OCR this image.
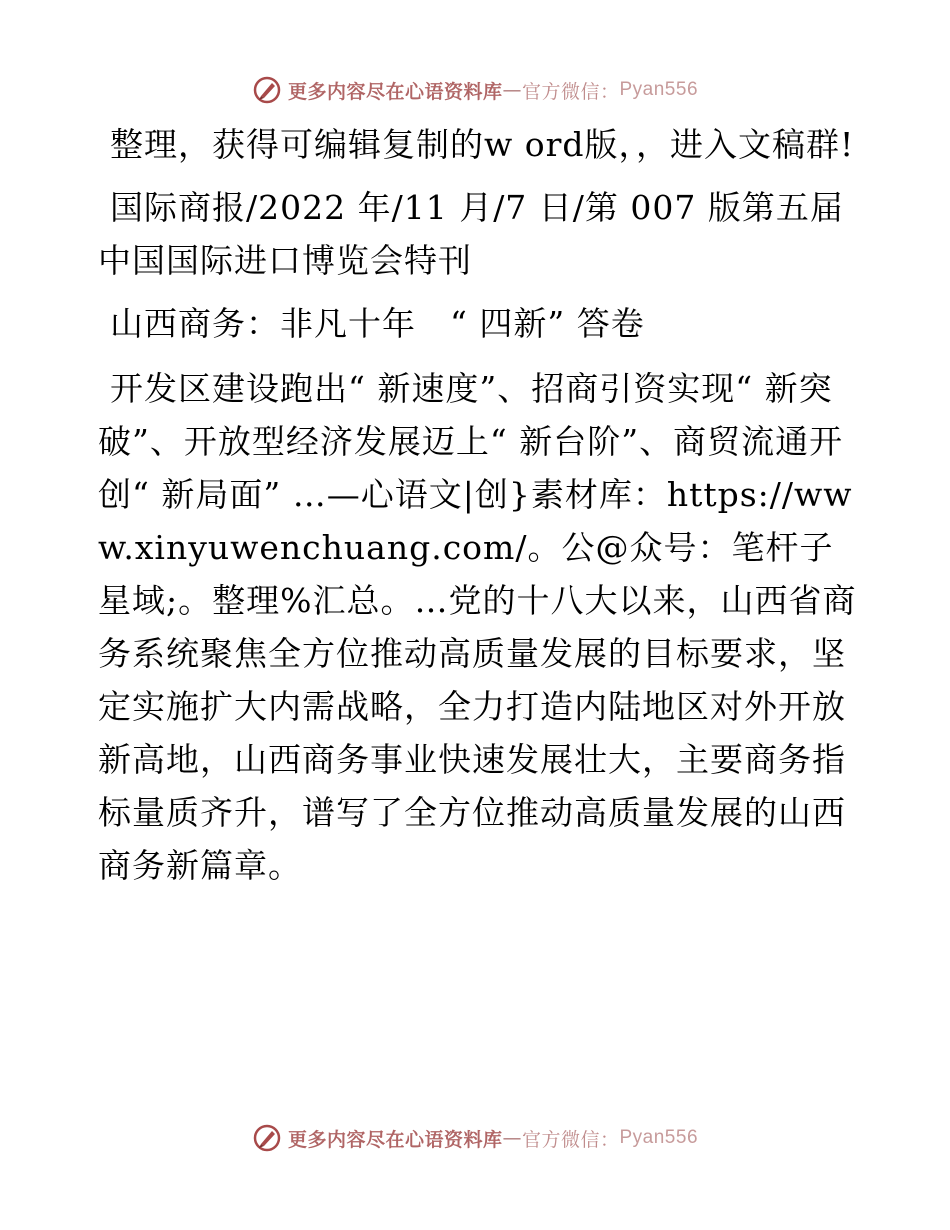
更多内容尽在心语资料库 — 官方微信： Pyan556

整理，获得可编辑复制的w ord版，，进入文稿群!

国际商报/2022 年/11 月/7 日/第 007 版第五届中国国际进口博览会特刊

山西商务：非凡十年　“ 四新” 答卷

开发区建设跑出“ 新速度”、招商引资实现“ 新突破”、开放型经济发展迈上“ 新台阶”、商贸流通开创“ 新局面” …—心语文|创}素材库：https://www.xinyuwenchuang.com/。公@众号：笔杆子星域;。整理%汇总。…党的十八大以来，山西省商务系统聚焦全方位推动高质量发展的目标要求，坚定实施扩大内需战略，全力打造内陆地区对外开放新高地，山西商务事业快速发展壮大，主要商务指标量质齐升，谱写了全方位推动高质量发展的山西商务新篇章。

更多内容尽在心语资料库 — 官方微信： Pyan556
